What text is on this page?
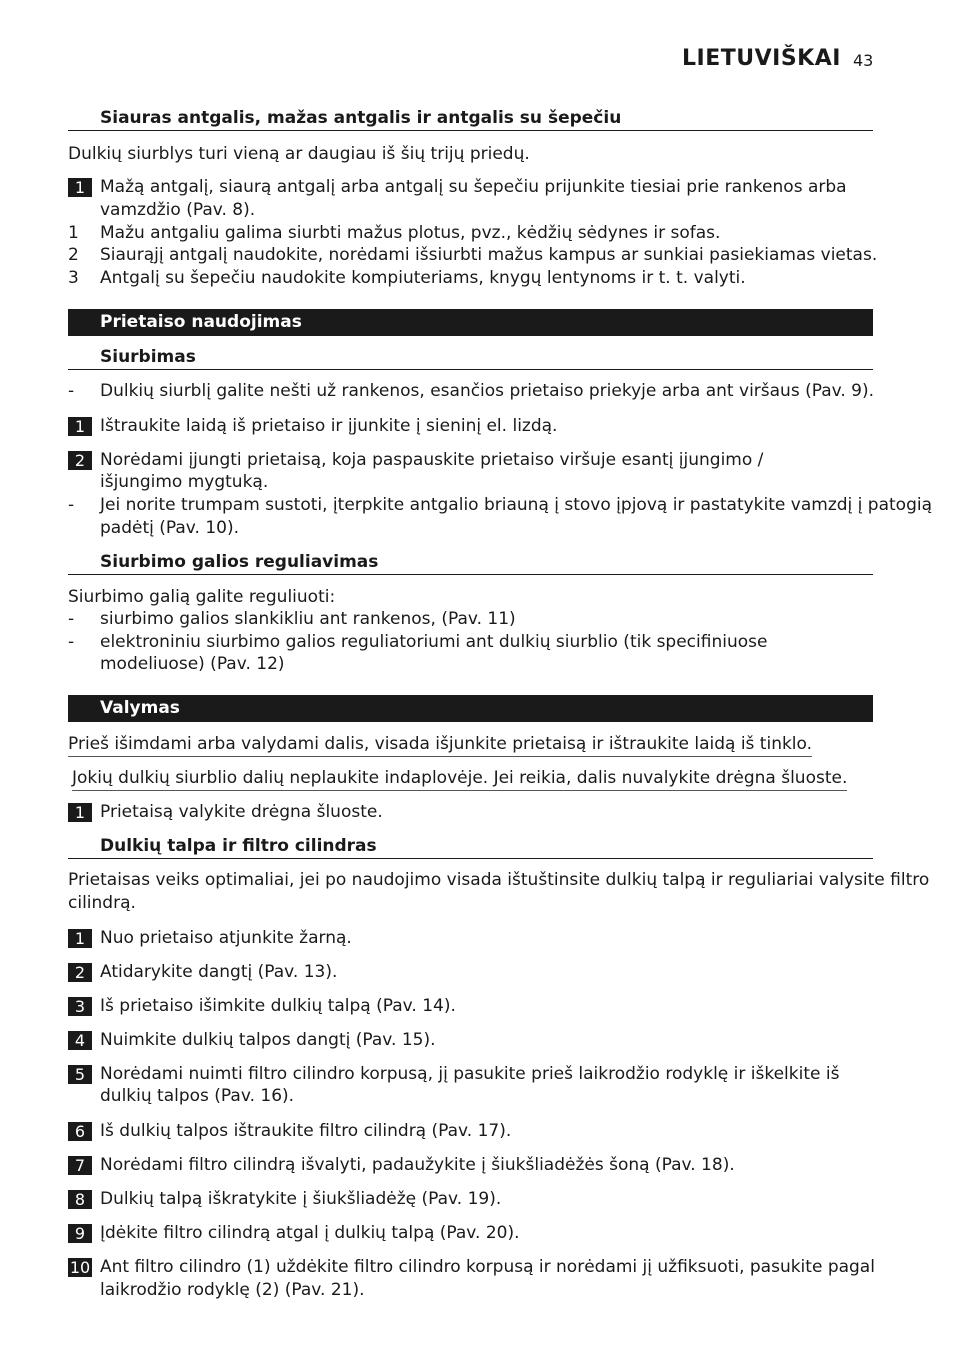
LIETUVIŠKAI 43
Siauras antgalis, mažas antgalis ir antgalis su šepečiu
Dulkių siurblys turi vieną ar daugiau iš šių trijų priedų.
1 Mažą antgalį, siaurą antgalį arba antgalį su šepečiu prijunkite tiesiai prie rankenos arba
vamzdžio (Pav. 8).
1 Mažu antgaliu galima siurbti mažus plotus, pvz., kėdžių sėdynes ir sofas.
2 Siaurąjį antgalį naudokite, norėdami išsiurbti mažus kampus ar sunkiai pasiekiamas vietas.
3 Antgalį su šepečiu naudokite kompiuteriams, knygų lentynoms ir t. t. valyti.
Prietaiso naudojimas
Siurbimas
- Dulkių siurblį galite nešti už rankenos, esančios prietaiso priekyje arba ant viršaus (Pav. 9).
1 Ištraukite laidą iš prietaiso ir įjunkite į sieninį el. lizdą.
2 Norėdami įjungti prietaisą, koja paspauskite prietaiso viršuje esantį įjungimo /
išjungimo mygtuką.
- Jei norite trumpam sustoti, įterpkite antgalio briauną į stovo įpjovą ir pastatykite vamzdį į patogią
padėtį (Pav. 10).
Siurbimo galios reguliavimas
Siurbimo galią galite reguliuoti:
- siurbimo galios slankikliu ant rankenos, (Pav. 11)
- elektroniniu siurbimo galios reguliatoriumi ant dulkių siurblio (tik specifiniuose
modeliuose) (Pav. 12)
Valymas
Prieš išimdami arba valydami dalis, visada išjunkite prietaisą ir ištraukite laidą iš tinklo.
Jokių dulkių siurblio dalių neplaukite indaplovėje. Jei reikia, dalis nuvalykite drėgna šluoste.
1 Prietaisą valykite drėgna šluoste.
Dulkių talpa ir filtro cilindras
Prietaisas veiks optimaliai, jei po naudojimo visada ištuštinsite dulkių talpą ir reguliariai valysite filtro
cilindrą.
1 Nuo prietaiso atjunkite žarną.
2 Atidarykite dangtį (Pav. 13).
3 Iš prietaiso išimkite dulkių talpą (Pav. 14).
4 Nuimkite dulkių talpos dangtį (Pav. 15).
5 Norėdami nuimti filtro cilindro korpusą, jį pasukite prieš laikrodžio rodyklę ir iškelkite iš
dulkių talpos (Pav. 16).
6 Iš dulkių talpos ištraukite filtro cilindrą (Pav. 17).
7 Norėdami filtro cilindrą išvalyti, padaužykite į šiukšliadėžės šoną (Pav. 18).
8 Dulkių talpą iškratykite į šiukšliadėžę (Pav. 19).
9 Įdėkite filtro cilindrą atgal į dulkių talpą (Pav. 20).
10 Ant filtro cilindro (1) uždėkite filtro cilindro korpusą ir norėdami jį užfiksuoti, pasukite pagal
laikrodžio rodyklę (2) (Pav. 21).
